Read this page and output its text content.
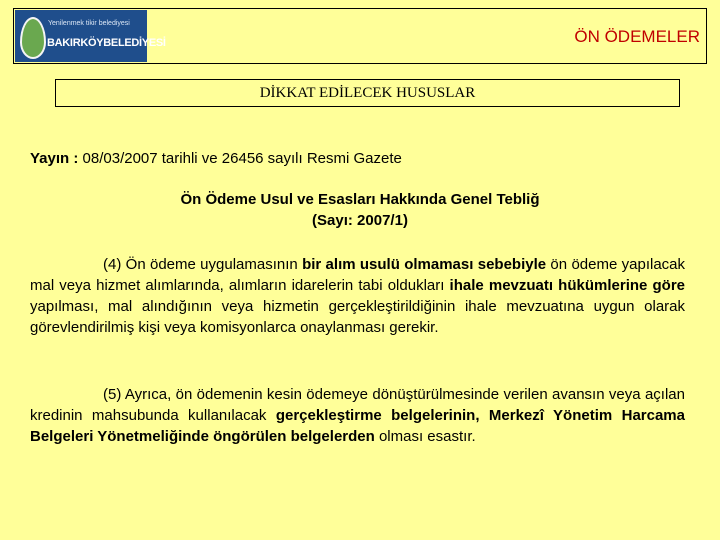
Yenilenmek tikir belediyesi
BAKIRKÖYBELEDİYESİ	ÖN ÖDEMELER
DİKKAT EDİLECEK HUSUSLAR
Yayın : 08/03/2007 tarihli ve 26456 sayılı Resmi Gazete
Ön Ödeme Usul ve Esasları Hakkında Genel Tebliğ
(Sayı: 2007/1)

(4) Ön ödeme uygulamasının bir alım usulü olmaması sebebiyle ön ödeme yapılacak mal veya hizmet alımlarında, alımların idarelerin tabi oldukları ihale mevzuatı hükümlerine göre yapılması, mal alındığının veya hizmetin gerçekleştirildiğinin ihale mevzuatına uygun olarak görevlendirilmiş kişi veya komisyonlarca onaylanması gerekir.

(5) Ayrıca, ön ödemenin kesin ödemeye dönüştürülmesinde verilen avansın veya açılan kredinin mahsubunda kullanılacak gerçekleştirme belgelerinin, Merkezî Yönetim Harcama Belgeleri Yönetmeliğinde öngörülen belgelerden olması esastır.
